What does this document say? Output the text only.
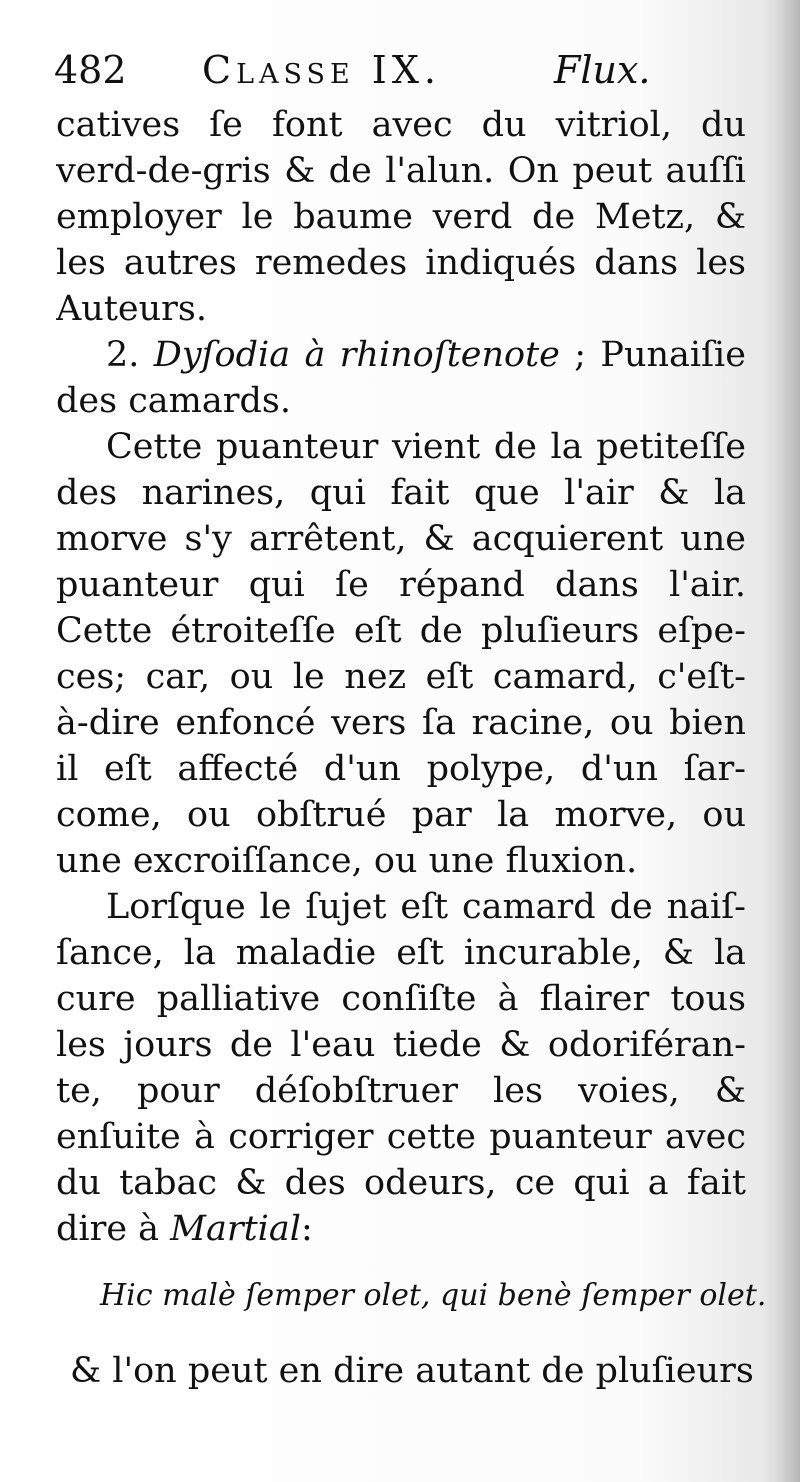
482 Classe IX.	Flux.
catives ſe font avec du vitriol, du
verd-de-gris & de l'alun. On peut auſſi
employer le baume verd de Metz, &
les autres remedes indiqués dans les
Auteurs.
2. Dyſodia à rhinoſtenote ; Punaiſie
des camards.
Cette puanteur vient de la petiteſſe
des narines, qui fait que l'air & la
morve s'y arrêtent, & acquierent une
puanteur qui ſe répand dans l'air.
Cette étroiteſſe eſt de pluſieurs eſpe-
ces; car, ou le nez eſt camard, c'eſt-
à-dire enfoncé vers ſa racine, ou bien
il eſt affecté d'un polype, d'un ſar-
come, ou obſtrué par la morve, ou
une excroiſſance, ou une fluxion.
Lorſque le ſujet eſt camard de naiſ-
ſance, la maladie eſt incurable, & la
cure palliative conſiſte à flairer tous
les jours de l'eau tiede & odoriféran-
te, pour déſobſtruer les voies, &
enſuite à corriger cette puanteur avec
du tabac & des odeurs, ce qui a fait
dire à Martial:
Hic malè ſemper olet, qui benè ſemper olet.
& l'on peut en dire autant de pluſieurs
